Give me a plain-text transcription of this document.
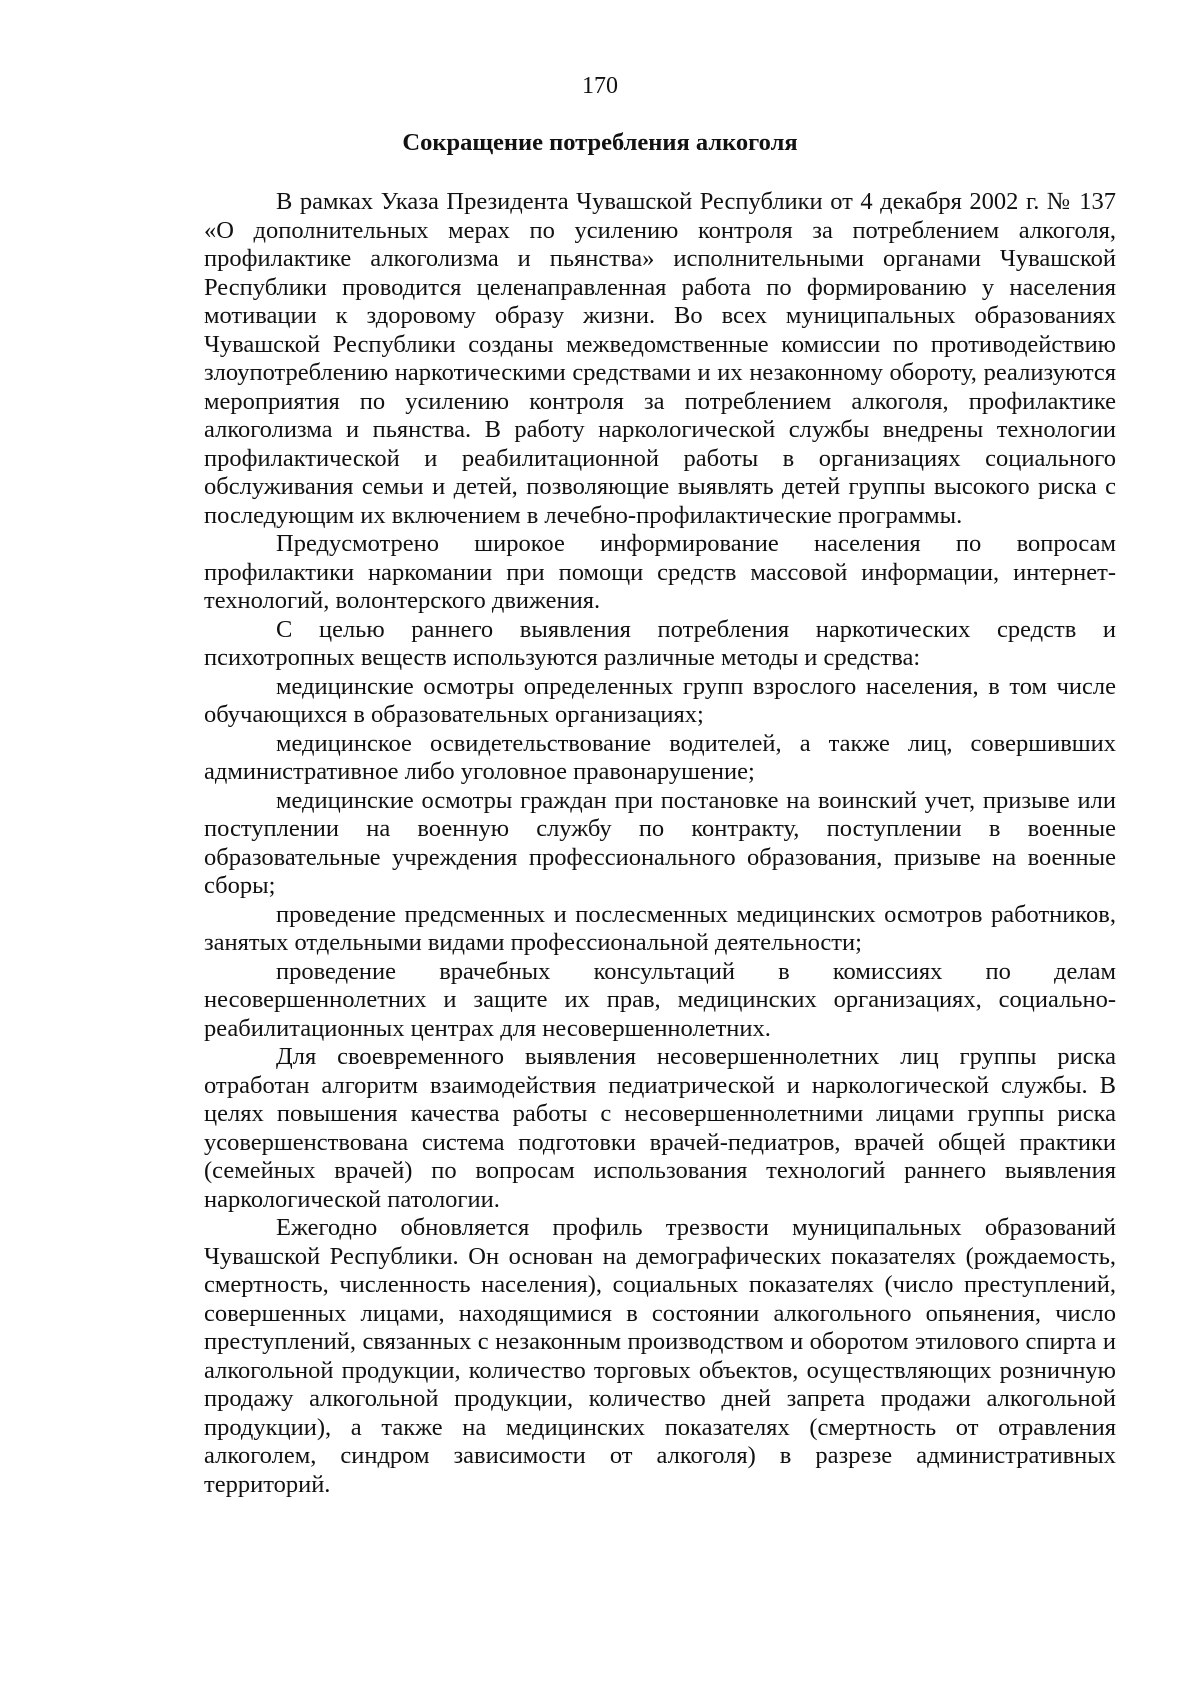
170
Сокращение потребления алкоголя

В рамках Указа Президента Чувашской Республики от 4 декабря 2002 г. № 137 «О дополнительных мерах по усилению контроля за потреблением алкоголя, профилактике алкоголизма и пьянства» исполнительными органами Чувашской Республики проводится целенаправленная работа по формированию у населения мотивации к здоровому образу жизни. Во всех муниципальных образованиях Чувашской Республики созданы межведомственные комиссии по противодействию злоупотреблению наркотическими средствами и их незаконному обороту, реализуются мероприятия по усилению контроля за потреблением алкоголя, профилактике алкоголизма и пьянства. В работу наркологической службы внедрены технологии профилактической и реабилитационной работы в организациях социального обслуживания семьи и детей, позволяющие выявлять детей группы высокого риска с последующим их включением в лечебно-профилактические программы.

Предусмотрено широкое информирование населения по вопросам профилактики наркомании при помощи средств массовой информации, интернет-технологий, волонтерского движения.

С целью раннего выявления потребления наркотических средств и психотропных веществ используются различные методы и средства:

медицинские осмотры определенных групп взрослого населения, в том числе обучающихся в образовательных организациях;

медицинское освидетельствование водителей, а также лиц, совершивших административное либо уголовное правонарушение;

медицинские осмотры граждан при постановке на воинский учет, призыве или поступлении на военную службу по контракту, поступлении в военные образовательные учреждения профессионального образования, призыве на военные сборы;

проведение предсменных и послесменных медицинских осмотров работников, занятых отдельными видами профессиональной деятельности;

проведение врачебных консультаций в комиссиях по делам несовершеннолетних и защите их прав, медицинских организациях, социально-реабилитационных центрах для несовершеннолетних.

Для своевременного выявления несовершеннолетних лиц группы риска отработан алгоритм взаимодействия педиатрической и наркологической службы. В целях повышения качества работы с несовершеннолетними лицами группы риска усовершенствована система подготовки врачей-педиатров, врачей общей практики (семейных врачей) по вопросам использования технологий раннего выявления наркологической патологии.

Ежегодно обновляется профиль трезвости муниципальных образований Чувашской Республики. Он основан на демографических показателях (рождаемость, смертность, численность населения), социальных показателях (число преступлений, совершенных лицами, находящимися в состоянии алкогольного опьянения, число преступлений, связанных с незаконным производством и оборотом этилового спирта и алкогольной продукции, количество торговых объектов, осуществляющих розничную продажу алкогольной продукции, количество дней запрета продажи алкогольной продукции), а также на медицинских показателях (смертность от отравления алкоголем, синдром зависимости от алкоголя) в разрезе административных территорий.
